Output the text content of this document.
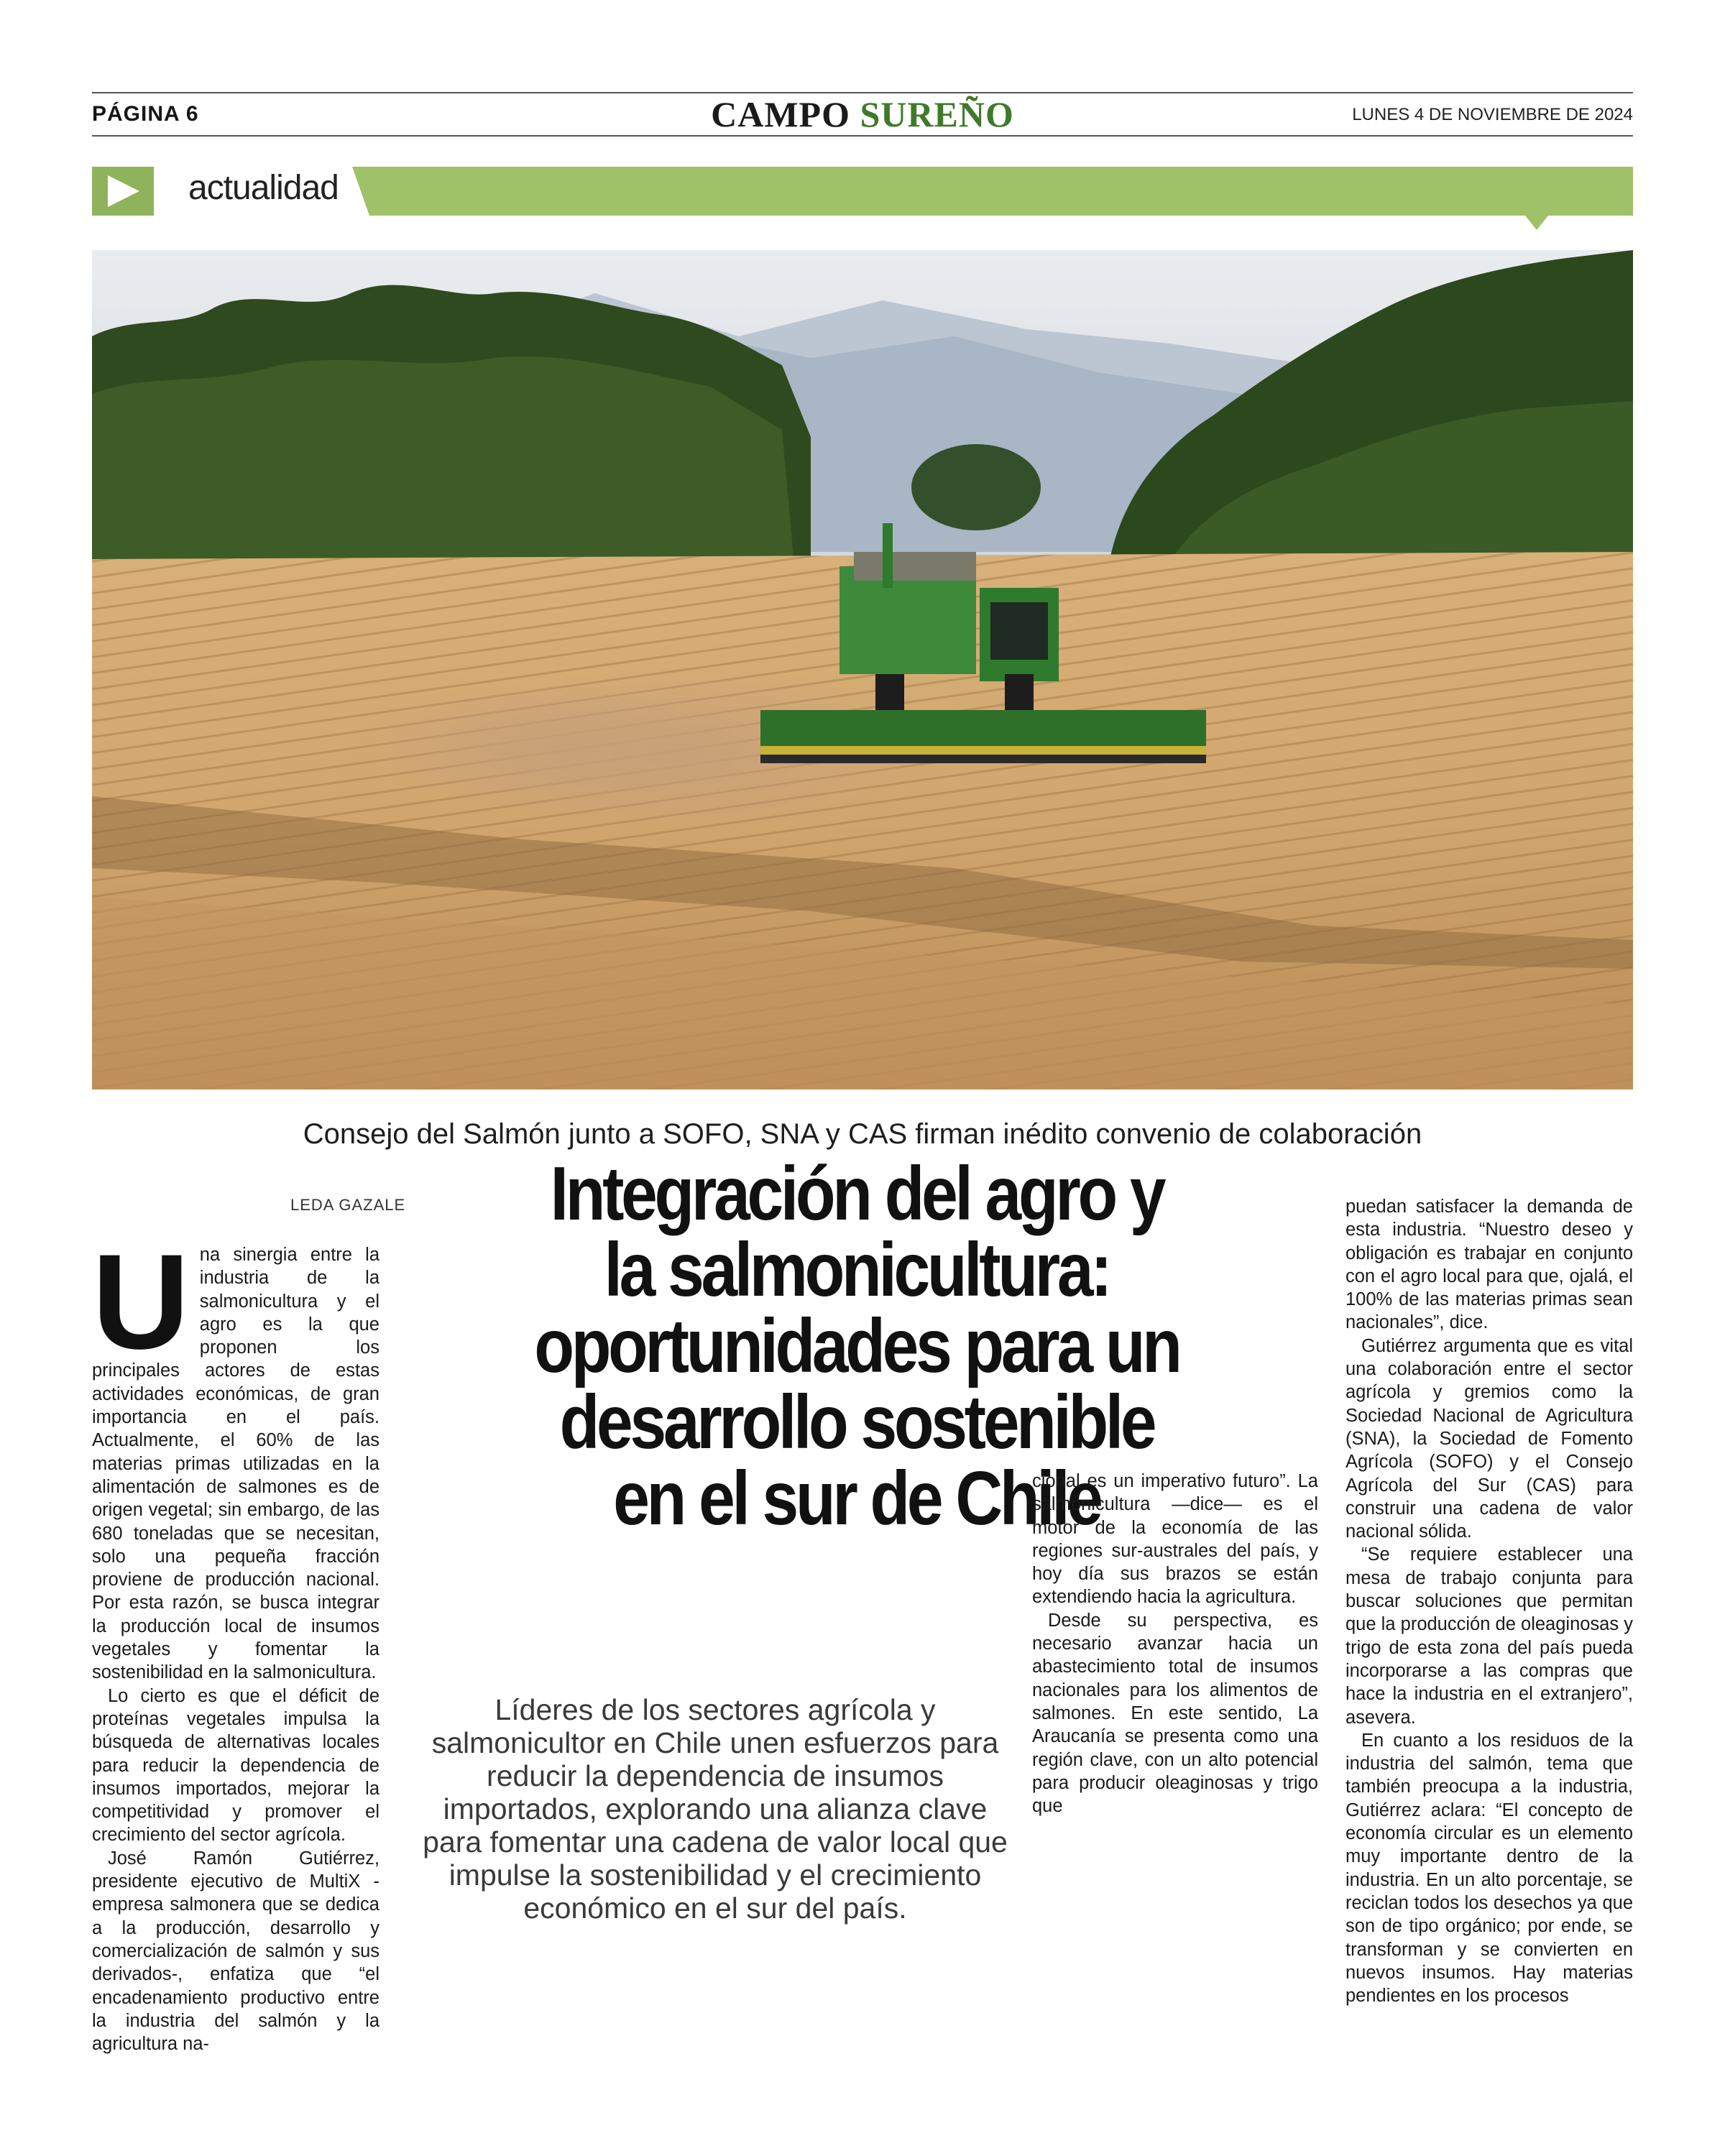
PÁGINA 6	CAMPO SUREÑO	LUNES 4 DE NOVIEMBRE DE 2024
actualidad
Consejo del Salmón junto a SOFO, SNA y CAS firman inédito convenio de colaboración
LEDA GAZALE

Una sinergia entre la industria de la salmonicultura y el agro es la que proponen los principales actores de estas actividades económicas, de gran importancia en el país. Actualmente, el 60% de las materias primas utilizadas en la alimentación de salmones es de origen vegetal; sin embargo, de las 680 toneladas que se necesitan, solo una pequeña fracción proviene de producción nacional. Por esta razón, se busca integrar la producción local de insumos vegetales y fomentar la sostenibilidad en la salmonicultura.

Lo cierto es que el déficit de proteínas vegetales impulsa la búsqueda de alternativas locales para reducir la dependencia de insumos importados, mejorar la competitividad y promover el crecimiento del sector agrícola.

José Ramón Gutiérrez, presidente ejecutivo de MultiX - empresa salmonera que se dedica a la producción, desarrollo y comercialización de salmón y sus derivados-, enfatiza que “el encadenamiento productivo entre la industria del salmón y la agricultura na-

Integración del agro y
la salmonicultura:
oportunidades para un
desarrollo sostenible
en el sur de Chile
Líderes de los sectores agrícola y salmonicultor en Chile unen esfuerzos para reducir la dependencia de insumos importados, explorando una alianza clave para fomentar una cadena de valor local que impulse la sostenibilidad y el crecimiento económico en el sur del país.

cional es un imperativo futuro”. La salmonicultura —dice— es el motor de la economía de las regiones sur-australes del país, y hoy día sus brazos se están extendiendo hacia la agricultura.

Desde su perspectiva, es necesario avanzar hacia un abastecimiento total de insumos nacionales para los alimentos de salmones. En este sentido, La Araucanía se presenta como una región clave, con un alto potencial para producir oleaginosas y trigo que

puedan satisfacer la demanda de esta industria. “Nuestro deseo y obligación es trabajar en conjunto con el agro local para que, ojalá, el 100% de las materias primas sean nacionales”, dice.

Gutiérrez argumenta que es vital una colaboración entre el sector agrícola y gremios como la Sociedad Nacional de Agricultura (SNA), la Sociedad de Fomento Agrícola (SOFO) y el Consejo Agrícola del Sur (CAS) para construir una cadena de valor nacional sólida.

“Se requiere establecer una mesa de trabajo conjunta para buscar soluciones que permitan que la producción de oleaginosas y trigo de esta zona del país pueda incorporarse a las compras que hace la industria en el extranjero”, asevera.

En cuanto a los residuos de la industria del salmón, tema que también preocupa a la industria, Gutiérrez aclara: “El concepto de economía circular es un elemento muy importante dentro de la industria. En un alto porcentaje, se reciclan todos los desechos ya que son de tipo orgánico; por ende, se transforman y se convierten en nuevos insumos. Hay materias pendientes en los procesos
